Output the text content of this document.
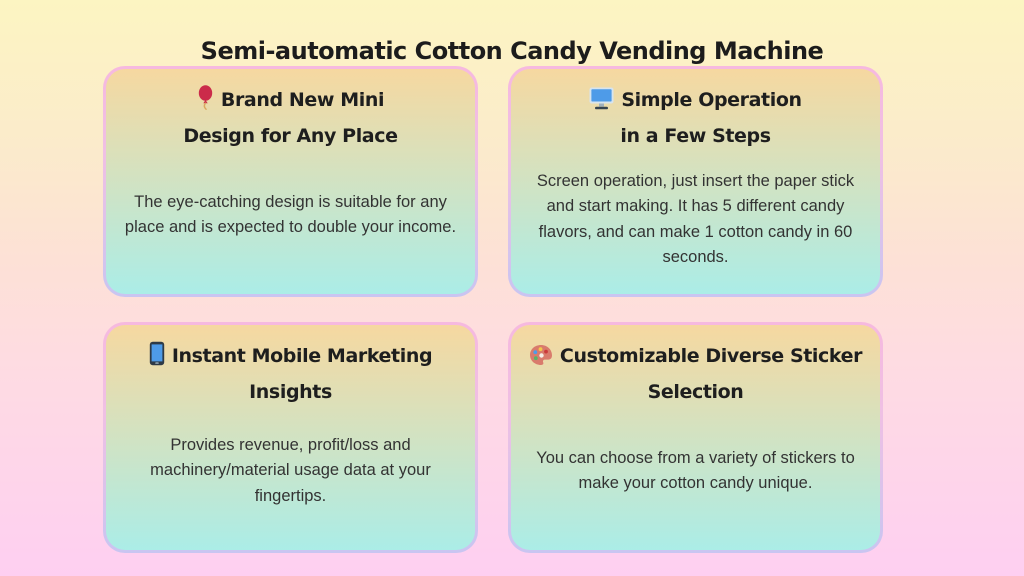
Semi-automatic Cotton Candy Vending Machine
Brand New Mini
Design for Any Place

The eye-catching design is suitable for any place and is expected to double your income.

Simple Operation
in a Few Steps

Screen operation, just insert the paper stick and start making. It has 5 different candy flavors, and can make 1 cotton candy in 60 seconds.

Instant Mobile Marketing
Insights

Provides revenue, profit/loss and machinery/material usage data at your fingertips.

Customizable Diverse Sticker
Selection

You can choose from a variety of stickers to make your cotton candy unique.
